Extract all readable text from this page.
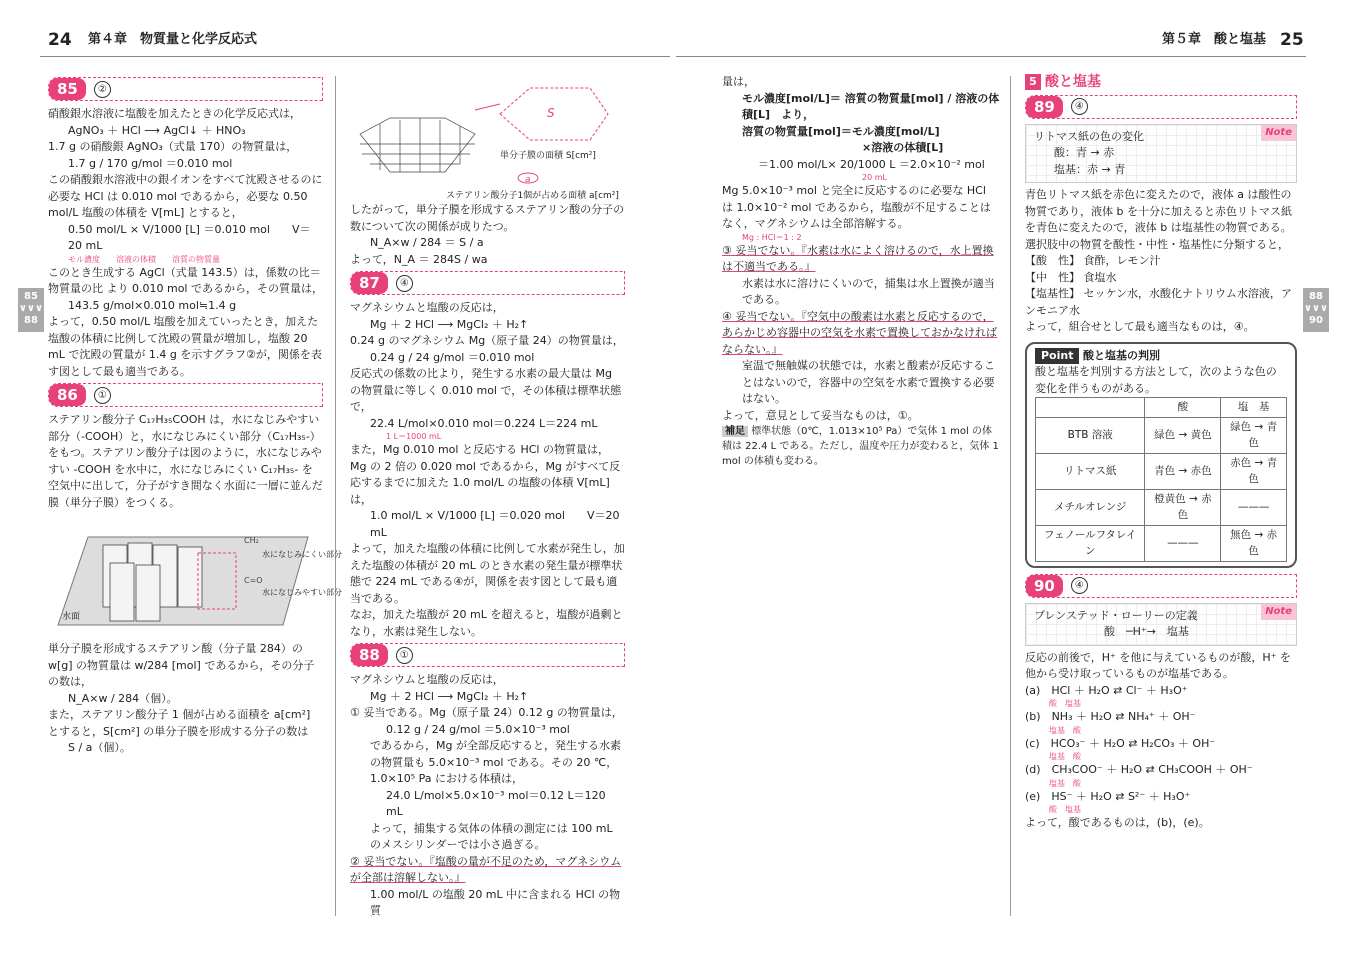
24 第４章　物質量と化学反応式	第５章　酸と塩基 25
85
∨∨∨
88
88
∨∨∨
90
85	②

硝酸銀水溶液に塩酸を加えたときの化学反応式は，

AgNO₃ ＋ HCl ⟶ AgCl↓ ＋ HNO₃

1.7 g の硝酸銀 AgNO₃（式量 170）の物質量は，

1.7 g / 170 g/mol ＝0.010 mol

この硝酸銀水溶液中の銀イオンをすべて沈殿させるのに必要な HCl は 0.010 mol であるから，必要な 0.50 mol/L 塩酸の体積を V[mL] とすると，

0.50 mol/L × V/1000 [L] ＝0.010 mol　　V＝20 mL

モル濃度　　溶液の体積　　溶質の物質量

このとき生成する AgCl（式量 143.5）は，係数の比＝物質量の比 より 0.010 mol であるから，その質量は，

143.5 g/mol×0.010 mol≒1.4 g

よって，0.50 mol/L 塩酸を加えていったとき，加えた塩酸の体積に比例して沈殿の質量が増加し，塩酸 20 mL で沈殿の質量が 1.4 g を示すグラフ②が，関係を表す図として最も適当である。

86	①

ステアリン酸分子 C₁₇H₃₅COOH は，水になじみやすい部分（-COOH）と，水になじみにくい部分（C₁₇H₃₅-）をもつ。ステアリン酸分子は図のように，水になじみやすい -COOH を水中に，水になじみにくい C₁₇H₃₅- を空気中に出して，分子がすき間なく水面に一層に並んだ膜（単分子膜）をつくる。

CH₂
C=O
水面
水になじみにくい部分
水になじみやすい部分

単分子膜を形成するステアリン酸（分子量 284）の w[g] の物質量は w/284 [mol] であるから，その分子の数は，

N_A×w / 284（個）。

また，ステアリン酸分子 1 個が占める面積を a[cm²] とすると，S[cm²] の単分子膜を形成する分子の数は

S / a（個）。

S
a
単分子膜の面積 S[cm²]
ステアリン酸分子1個が占める面積 a[cm²]

したがって，単分子膜を形成するステアリン酸の分子の数について次の関係が成りたつ。

N_A×w / 284 ＝ S / a

よって，N_A ＝ 284S / wa

87	④

マグネシウムと塩酸の反応は，

Mg ＋ 2 HCl ⟶ MgCl₂ ＋ H₂↑

0.24 g のマグネシウム Mg（原子量 24）の物質量は，

0.24 g / 24 g/mol ＝0.010 mol

反応式の係数の比より，発生する水素の最大量は Mg の物質量に等しく 0.010 mol で，その体積は標準状態で，

22.4 L/mol×0.010 mol＝0.224 L＝224 mL

1 L＝1000 mL

また，Mg 0.010 mol と反応する HCl の物質量は，Mg の 2 倍の 0.020 mol であるから，Mg がすべて反応するまでに加えた 1.0 mol/L の塩酸の体積 V[mL] は，

1.0 mol/L × V/1000 [L] ＝0.020 mol　　V＝20 mL

よって，加えた塩酸の体積に比例して水素が発生し，加えた塩酸の体積が 20 mL のとき水素の発生量が標準状態で 224 mL である④が，関係を表す図として最も適当である。

なお，加えた塩酸が 20 mL を超えると，塩酸が過剰となり，水素は発生しない。

88	①

マグネシウムと塩酸の反応は，

Mg ＋ 2 HCl ⟶ MgCl₂ ＋ H₂↑

① 妥当である。Mg（原子量 24）0.12 g の物質量は，

0.12 g / 24 g/mol ＝5.0×10⁻³ mol

であるから，Mg が全部反応すると，発生する水素の物質量も 5.0×10⁻³ mol である。その 20 ℃，1.0×10⁵ Pa における体積は，

24.0 L/mol×5.0×10⁻³ mol＝0.12 L＝120 mL

よって，捕集する気体の体積の測定には 100 mL のメスシリンダーでは小さ過ぎる。

② 妥当でない。『塩酸の量が不足のため，マグネシウムが全部は溶解しない。』

1.00 mol/L の塩酸 20 mL 中に含まれる HCl の物質

量は，

モル濃度[mol/L]＝ 溶質の物質量[mol] / 溶液の体積[L]　より，

溶質の物質量[mol]＝モル濃度[mol/L]

×溶液の体積[L]

＝1.00 mol/L× 20/1000 L ＝2.0×10⁻² mol

20 mL

Mg 5.0×10⁻³ mol と完全に反応するのに必要な HCl は 1.0×10⁻² mol であるから，塩酸が不足することはなく，マグネシウムは全部溶解する。

Mg : HCl＝1 : 2

③ 妥当でない。『水素は水によく溶けるので，水上置換は不適当である。』

水素は水に溶けにくいので，捕集は水上置換が適当である。

④ 妥当でない。『空気中の酸素は水素と反応するので，あらかじめ容器中の空気を水素で置換しておかなければならない。』

室温で無触媒の状態では，水素と酸素が反応することはないので，容器中の空気を水素で置換する必要はない。

よって，意見として妥当なものは，①。

補足 標準状態（0℃，1.013×10⁵ Pa）で気体 1 mol の体積は 22.4 L である。ただし，温度や圧力が変わると，気体 1 mol の体積も変わる。

5 酸と塩基
89	④
Note

リトマス紙の色の変化

酸：青 → 赤

塩基：赤 → 青

青色リトマス紙を赤色に変えたので，液体 a は酸性の物質であり，液体 b を十分に加えると赤色リトマス紙を青色に変えたので，液体 b は塩基性の物質である。選択肢中の物質を酸性・中性・塩基性に分類すると，

【酸　性】 食酢，レモン汁

【中　性】 食塩水

【塩基性】 セッケン水，水酸化ナトリウム水溶液，アンモニア水

よって，組合せとして最も適当なものは，④。

Point 酸と塩基の判別

酸と塩基を判別する方法として，次のような色の変化を伴うものがある。

	酸	塩　基
BTB 溶液	緑色 → 黄色	緑色 → 青色
リトマス紙	青色 → 赤色	赤色 → 青色
メチルオレンジ	橙黄色 → 赤色	———
フェノールフタレイン	———	無色 → 赤色
90	④
Note

ブレンステッド・ローリーの定義

酸　─H⁺→　塩基

反応の前後で，H⁺ を他に与えているものが酸，H⁺ を他から受け取っているものが塩基である。

(a)　HCl ＋ H₂O ⇄ Cl⁻ ＋ H₃O⁺

酸　塩基

(b)　NH₃ ＋ H₂O ⇄ NH₄⁺ ＋ OH⁻

塩基　酸

(c)　HCO₃⁻ ＋ H₂O ⇄ H₂CO₃ ＋ OH⁻

塩基　酸

(d)　CH₃COO⁻ ＋ H₂O ⇄ CH₃COOH ＋ OH⁻

塩基　酸

(e)　HS⁻ ＋ H₂O ⇄ S²⁻ ＋ H₃O⁺

酸　塩基

よって，酸であるものは，(b)，(e)。
